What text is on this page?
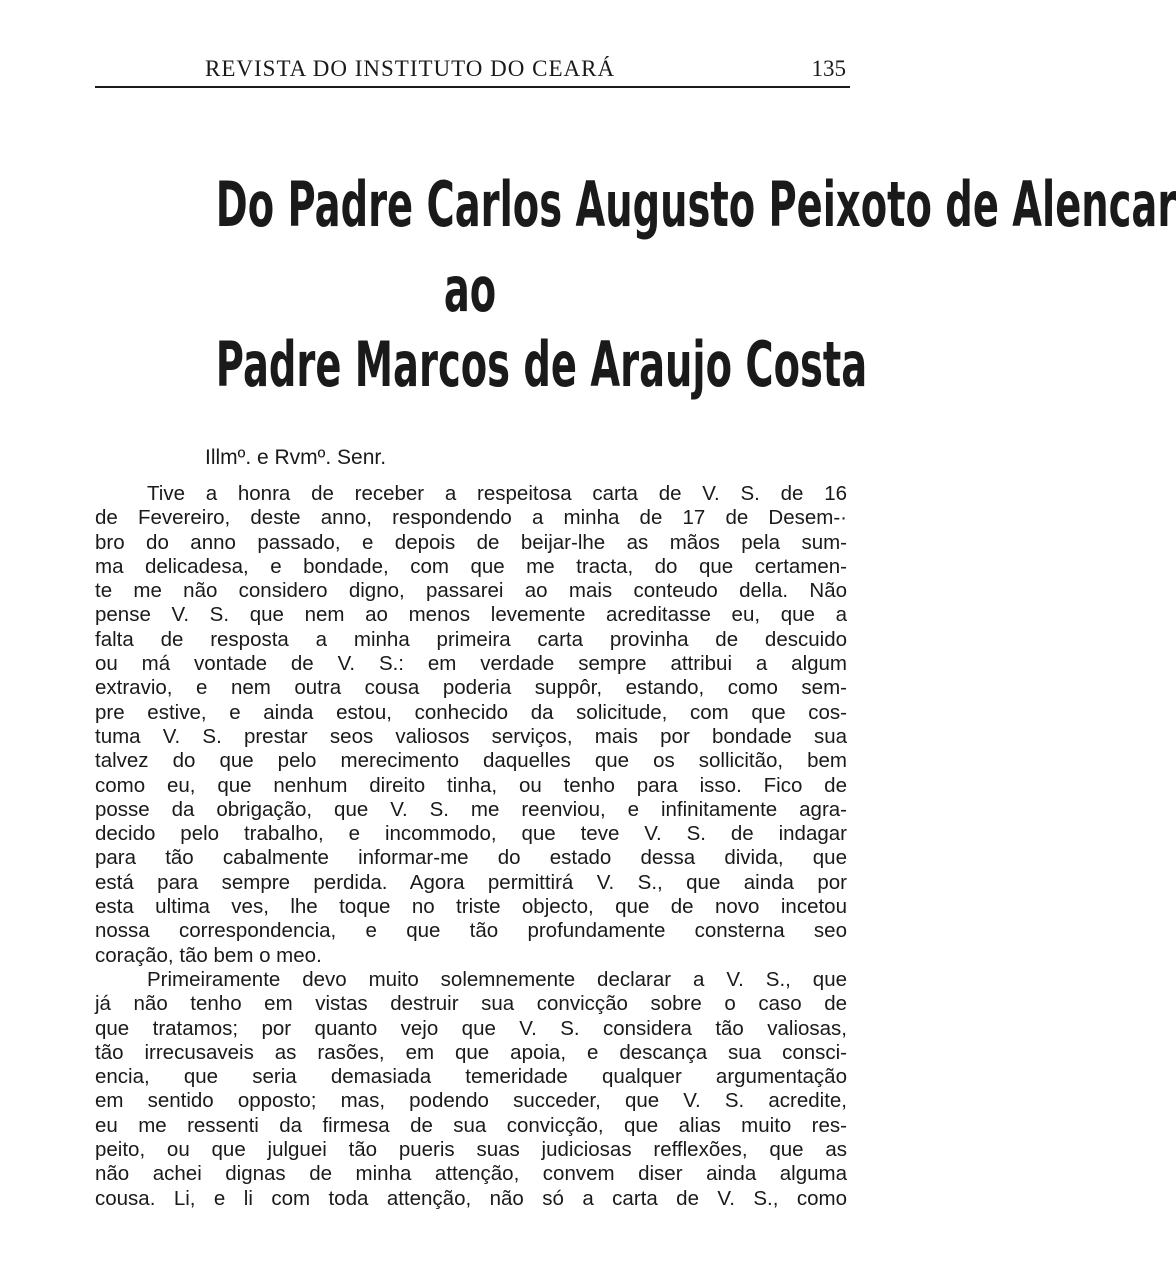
REVISTA DO INSTITUTO DO CEARÁ	135
Do Padre Carlos Augusto Peixoto de Alencar
ao
Padre Marcos de Araujo Costa
Illmº. e Rvmº. Senr.
Tive a honra de receber a respeitosa carta de V. S. de 16
de Fevereiro, deste anno, respondendo a minha de 17 de Desem-·
bro do anno passado, e depois de beijar-lhe as mãos pela sum-
ma delicadesa, e bondade, com que me tracta, do que certamen-
te me não considero digno, passarei ao mais conteudo della. Não
pense V. S. que nem ao menos levemente acreditasse eu, que a
falta de resposta a minha primeira carta provinha de descuido
ou má vontade de V. S.: em verdade sempre attribui a algum
extravio, e nem outra cousa poderia suppôr, estando, como sem-
pre estive, e ainda estou, conhecido da solicitude, com que cos-
tuma V. S. prestar seos valiosos serviços, mais por bondade sua
talvez do que pelo merecimento daquelles que os sollicitão, bem
como eu, que nenhum direito tinha, ou tenho para isso. Fico de
posse da obrigação, que V. S. me reenviou, e infinitamente agra-
decido pelo trabalho, e incommodo, que teve V. S. de indagar
para tão cabalmente informar-me do estado dessa divida, que
está para sempre perdida. Agora permittirá V. S., que ainda por
esta ultima ves, lhe toque no triste objecto, que de novo incetou
nossa correspondencia, e que tão profundamente consterna seo
coração, tão bem o meo.
Primeiramente devo muito solemnemente declarar a V. S., que
já não tenho em vistas destruir sua convicção sobre o caso de
que tratamos; por quanto vejo que V. S. considera tão valiosas,
tão irrecusaveis as rasões, em que apoia, e descança sua consci-
encia, que seria demasiada temeridade qualquer argumentação
em sentido opposto; mas, podendo succeder, que V. S. acredite,
eu me ressenti da firmesa de sua convicção, que alias muito res-
peito, ou que julguei tão pueris suas judiciosas refflexões, que as
não achei dignas de minha attenção, convem diser ainda alguma
cousa. Li, e li com toda attenção, não só a carta de V. S., como
